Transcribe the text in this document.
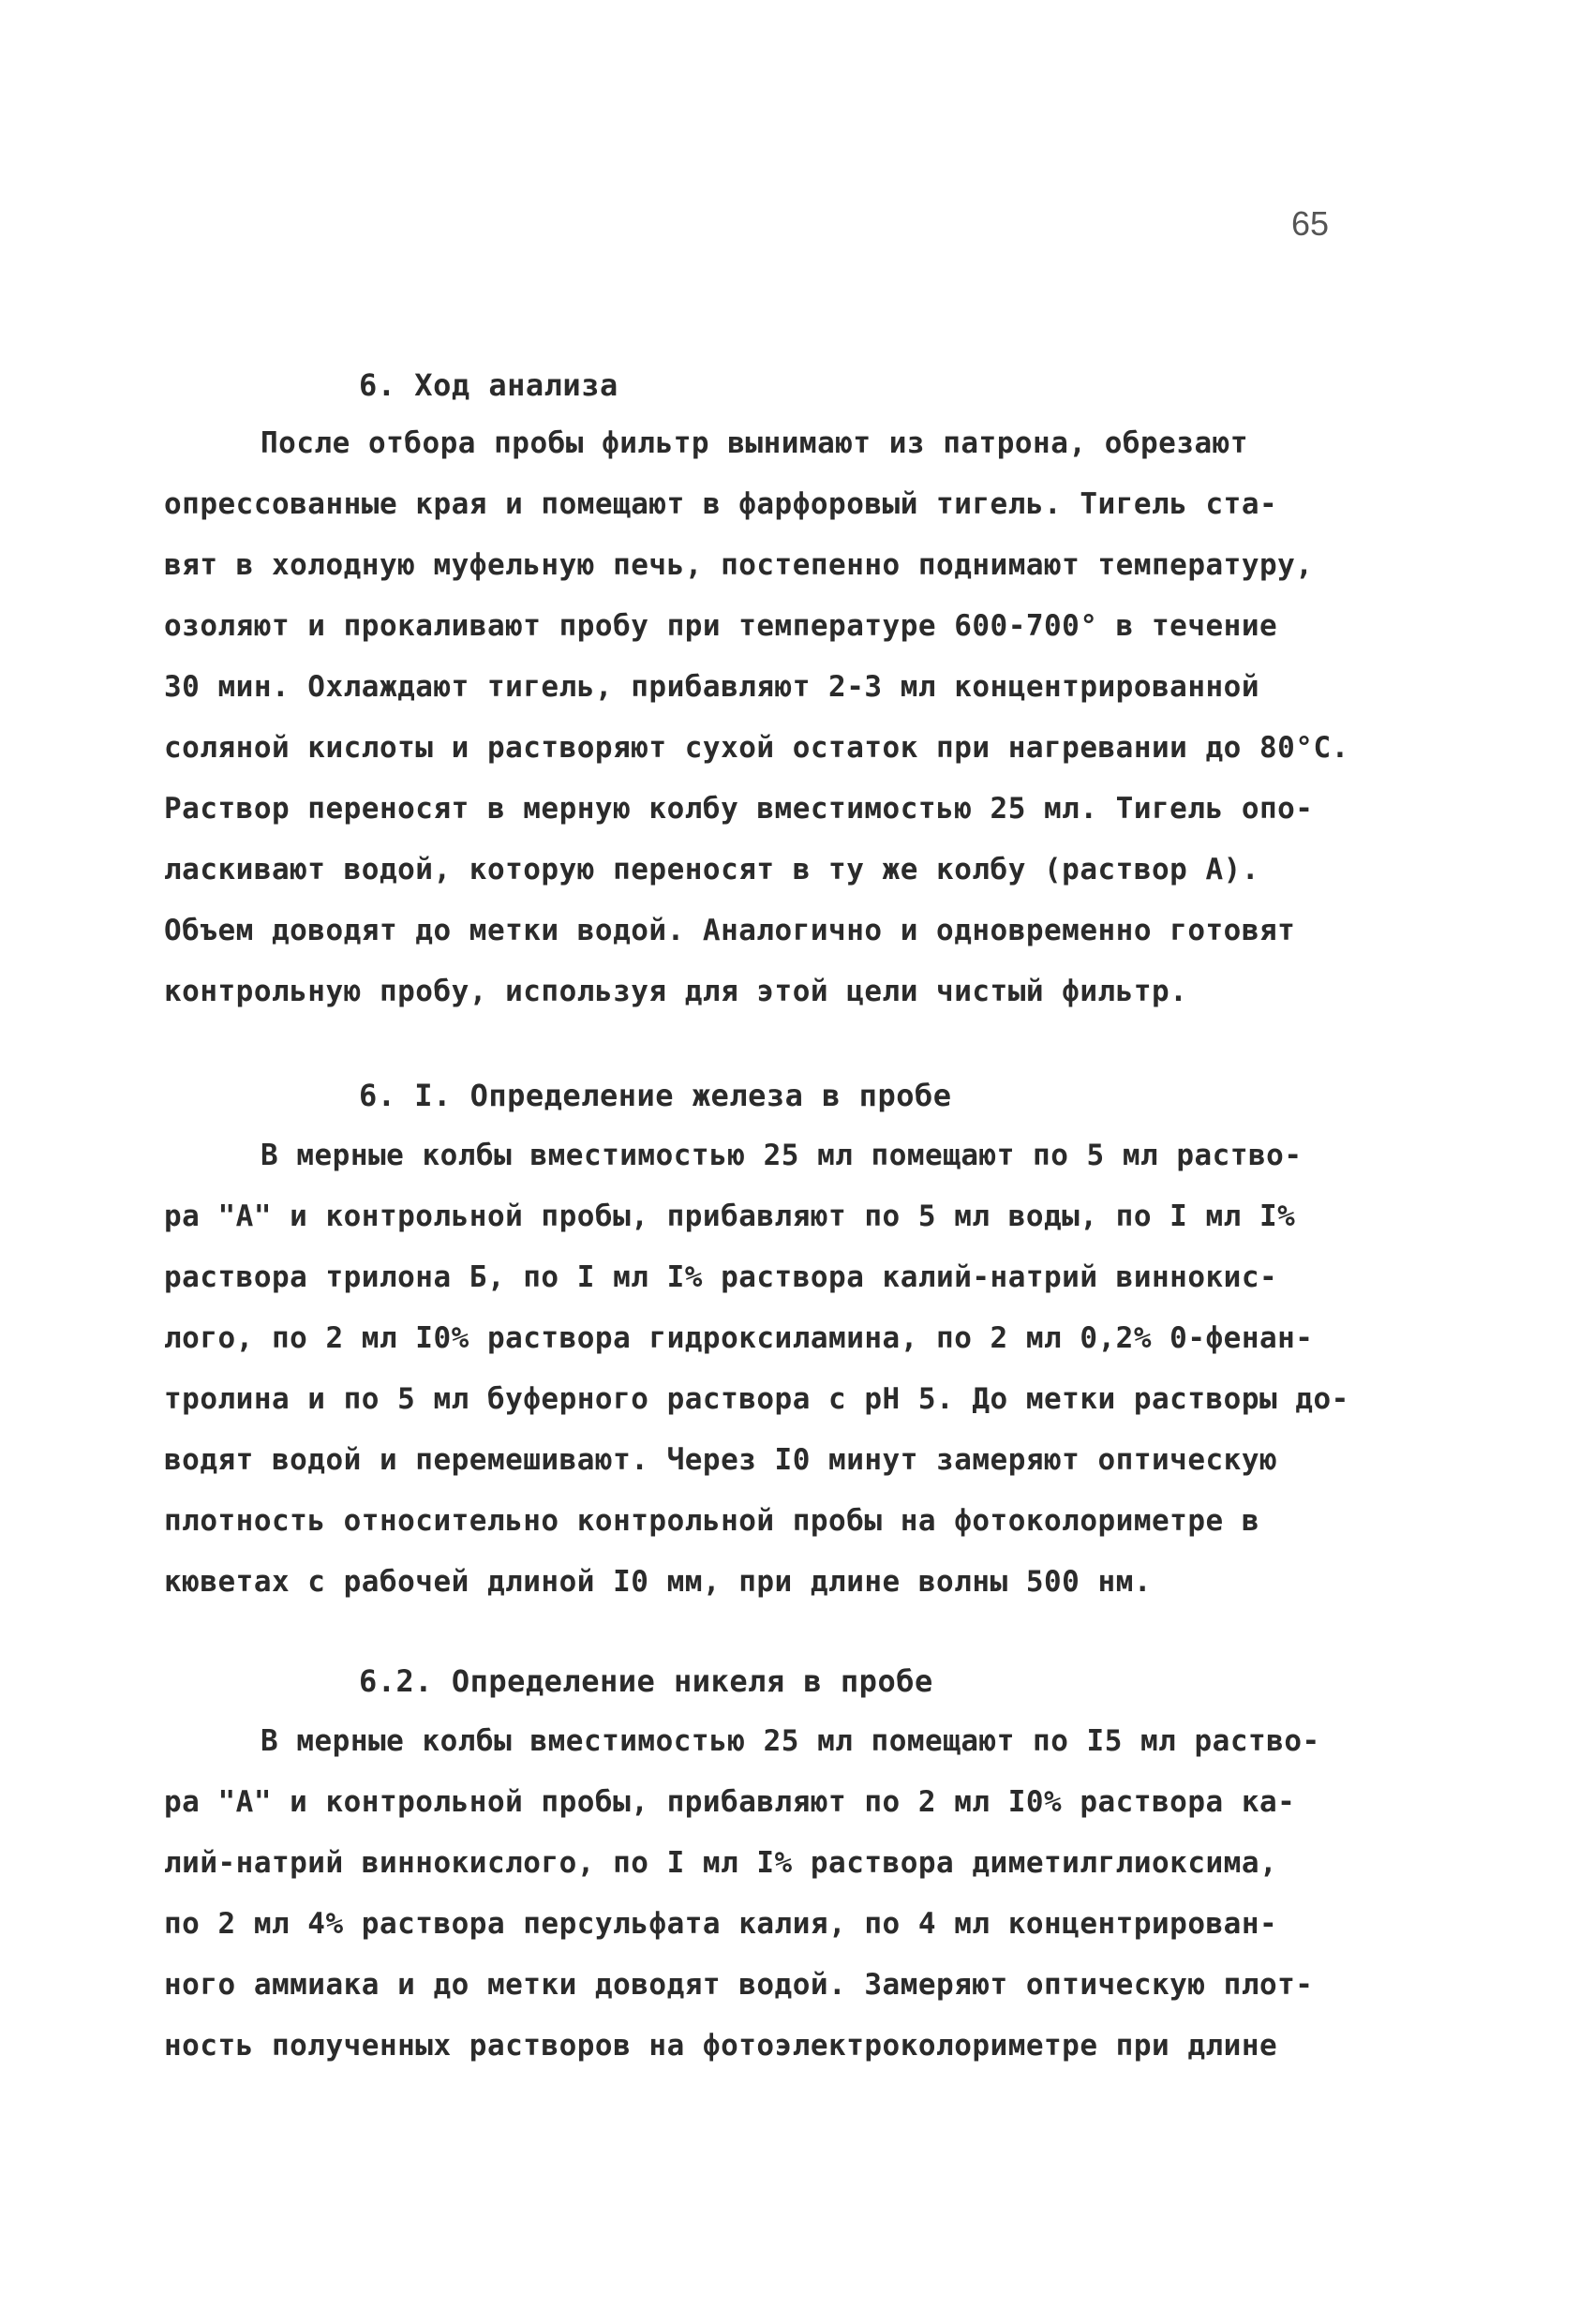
65
6. Ход анализа
После отбора пробы фильтр вынимают из патрона, обрезают
опрессованные края и помещают в фарфоровый тигель. Тигель ста-
вят в холодную муфельную печь, постепенно поднимают температуру,
озоляют и прокаливают пробу при температуре 600-700° в течение
30 мин. Охлаждают тигель, прибавляют 2-3 мл концентрированной
соляной кислоты и растворяют сухой остаток при нагревании до 80°С.
Раствор переносят в мерную колбу вместимостью 25 мл. Тигель опо-
ласкивают водой, которую переносят в ту же колбу (раствор А).
Объем доводят до метки водой. Аналогично и одновременно готовят
контрольную пробу, используя для этой цели чистый фильтр.
6. I. Определение железа в пробе
В мерные колбы вместимостью 25 мл помещают по 5 мл раство-
ра "А" и контрольной пробы, прибавляют по 5 мл воды, по I мл I%
раствора трилона Б, по I мл I% раствора калий-натрий виннокис-
лого, по 2 мл I0% раствора гидроксиламина, по 2 мл 0,2% 0-фенан-
тролина и по 5 мл буферного раствора с рН 5. До метки растворы до-
водят водой и перемешивают. Через I0 минут замеряют оптическую
плотность относительно контрольной пробы на фотоколориметре в
кюветах с рабочей длиной I0 мм, при длине волны 500 нм.
6.2. Определение никеля в пробе
В мерные колбы вместимостью 25 мл помещают по I5 мл раство-
ра "А" и контрольной пробы, прибавляют по 2 мл I0% раствора ка-
лий-натрий виннокислого, по I мл I% раствора диметилглиоксима,
по 2 мл 4% раствора персульфата калия, по 4 мл концентрирован-
ного аммиака и до метки доводят водой. Замеряют оптическую плот-
ность полученных растворов на фотоэлектроколориметре при длине
